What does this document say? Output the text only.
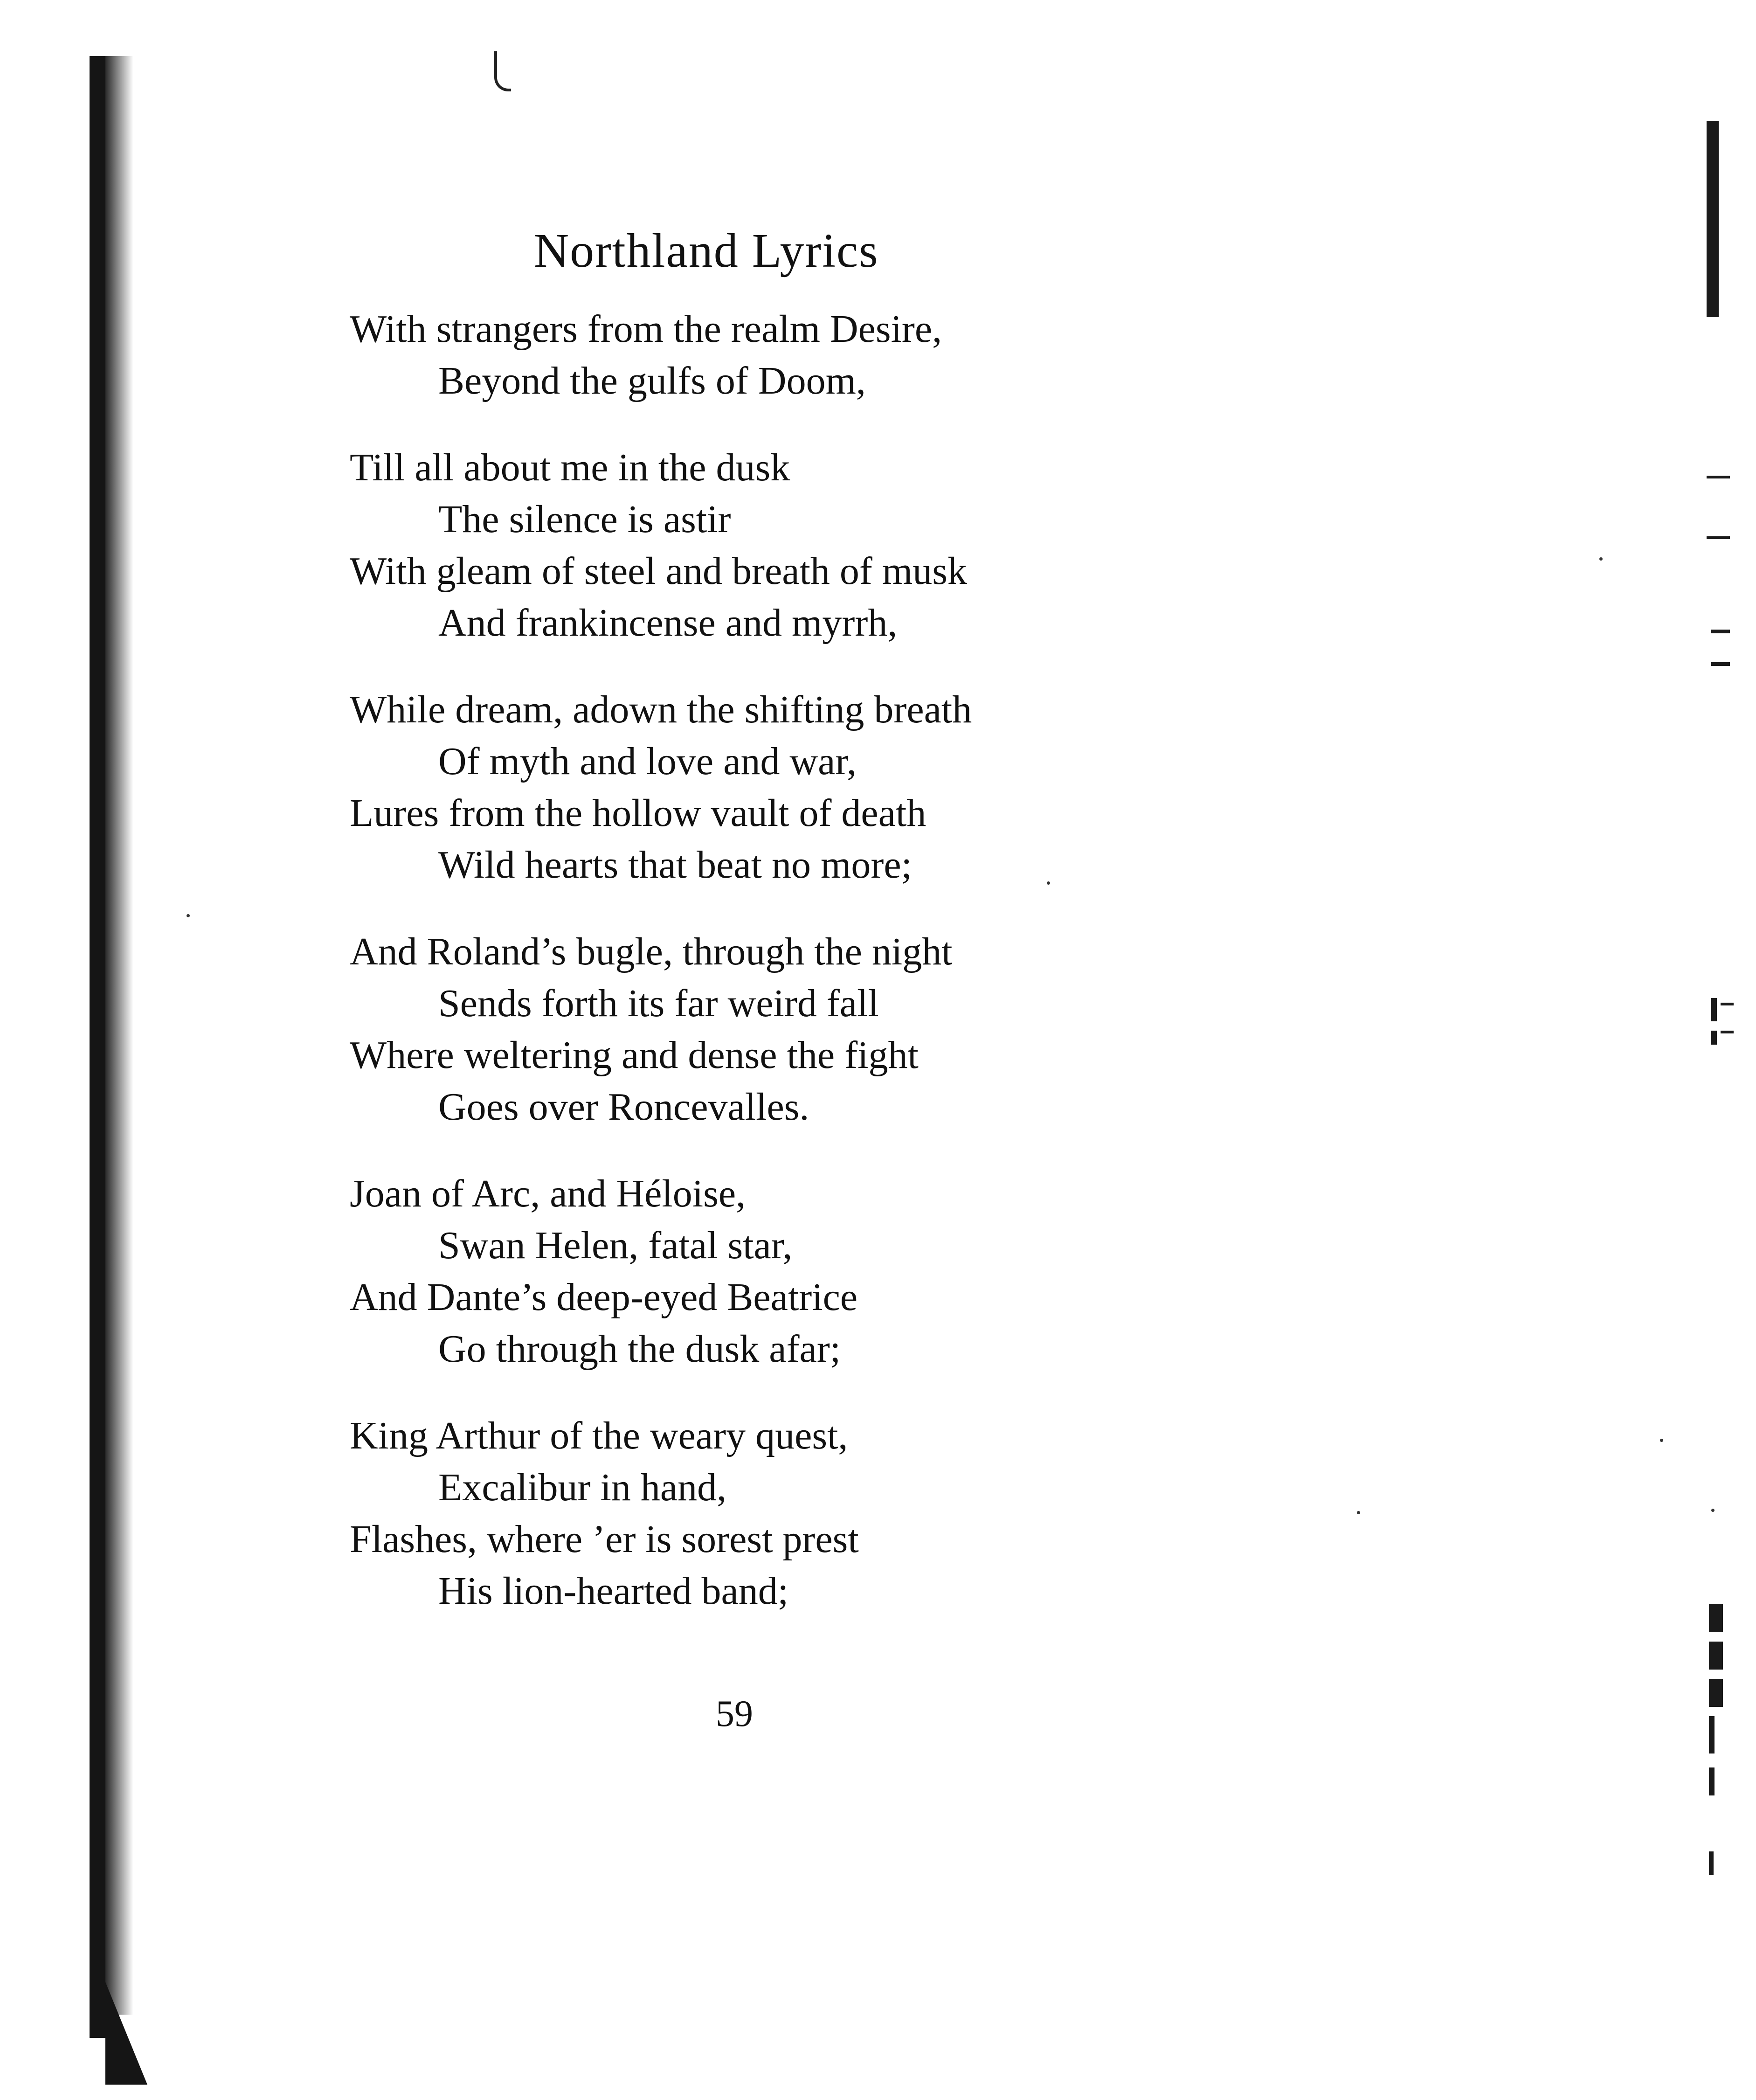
Northland Lyrics
With strangers from the realm Desire,
Beyond the gulfs of Doom,
Till all about me in the dusk
The silence is astir
With gleam of steel and breath of musk
And frankincense and myrrh,
While dream, adown the shifting breath
Of myth and love and war,
Lures from the hollow vault of death
Wild hearts that beat no more;
And Roland’s bugle, through the night
Sends forth its far weird fall
Where weltering and dense the fight
Goes over Roncevalles.
Joan of Arc, and Héloise,
Swan Helen, fatal star,
And Dante’s deep-eyed Beatrice
Go through the dusk afar;
King Arthur of the weary quest,
Excalibur in hand,
Flashes, where ’er is sorest prest
His lion-hearted band;
59
